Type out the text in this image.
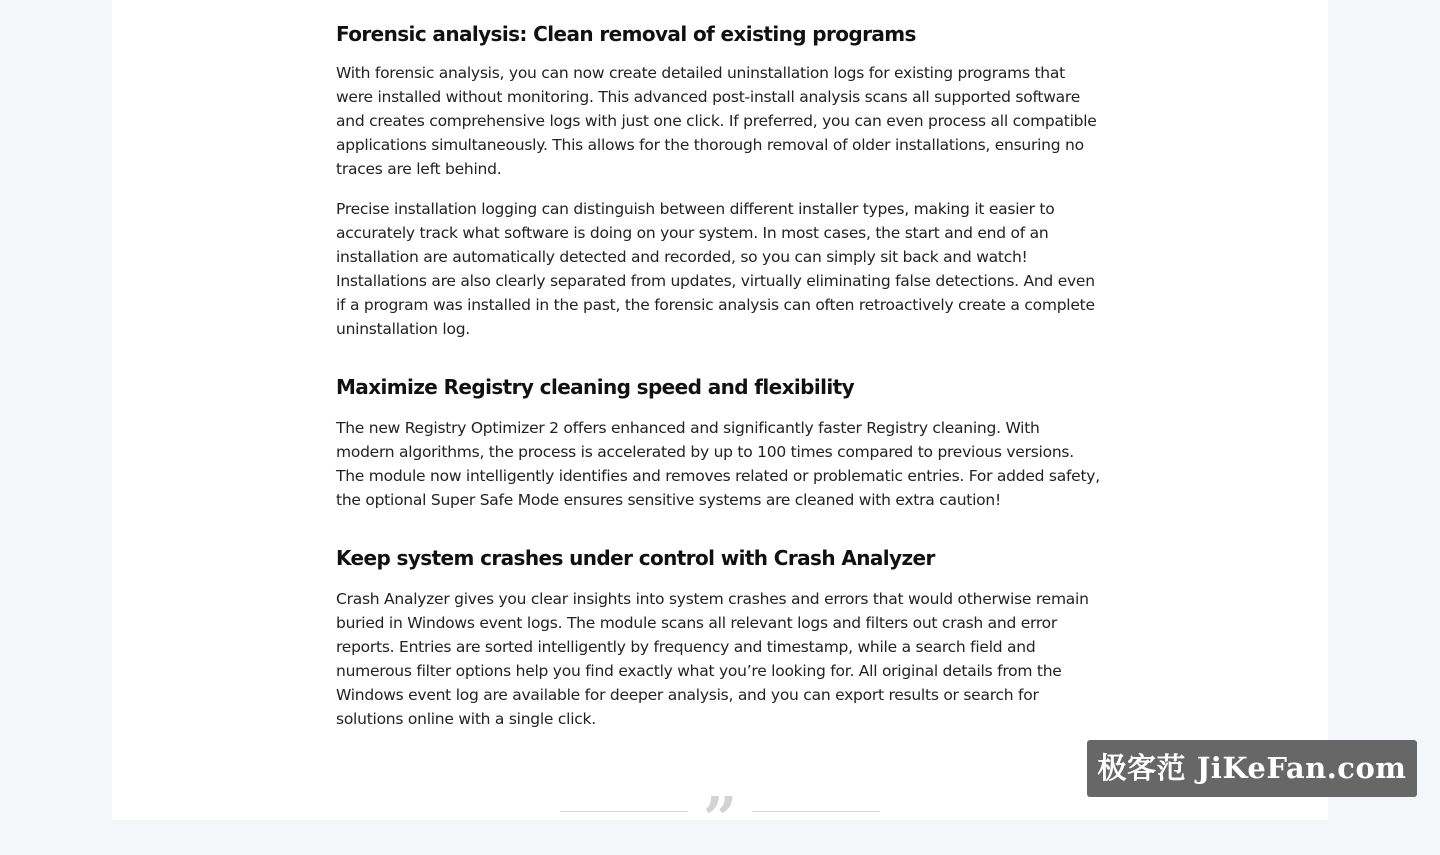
Forensic analysis: Clean removal of existing programs

With forensic analysis, you can now create detailed uninstallation logs for existing programs that were installed without monitoring. This advanced post-install analysis scans all supported software and creates comprehensive logs with just one click. If preferred, you can even process all compatible applications simultaneously. This allows for the thorough removal of older installations, ensuring no traces are left behind.

Precise installation logging can distinguish between different installer types, making it easier to accurately track what software is doing on your system. In most cases, the start and end of an installation are automatically detected and recorded, so you can simply sit back and watch! Installations are also clearly separated from updates, virtually eliminating false detections. And even if a program was installed in the past, the forensic analysis can often retroactively create a complete uninstallation log.

Maximize Registry cleaning speed and flexibility

The new Registry Optimizer 2 offers enhanced and significantly faster Registry cleaning. With modern algorithms, the process is accelerated by up to 100 times compared to previous versions. The module now intelligently identifies and removes related or problematic entries. For added safety, the optional Super Safe Mode ensures sensitive systems are cleaned with extra caution!

Keep system crashes under control with Crash Analyzer

Crash Analyzer gives you clear insights into system crashes and errors that would otherwise remain buried in Windows event logs. The module scans all relevant logs and filters out crash and error reports. Entries are sorted intelligently by frequency and timestamp, while a search field and numerous filter options help you find exactly what you’re looking for. All original details from the Windows event log are available for deeper analysis, and you can export results or search for solutions online with a single click.

”
极客范 JiKeFan.com
